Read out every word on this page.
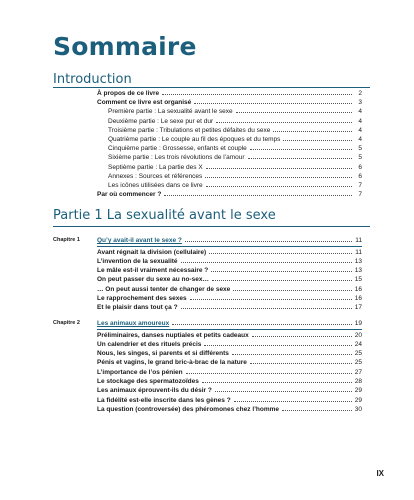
Sommaire
Introduction
À propos de ce livre	2
Comment ce livre est organisé	3
Première partie : La sexualité avant le sexe	4
Deuxième partie : Le sexe pur et dur	4
Troisième partie : Tribulations et petites défaites du sexe	4
Quatrième partie : Le couple au fil des époques et du temps	4
Cinquième partie : Grossesse, enfants et couple	5
Sixième partie : Les trois révolutions de l’amour	5
Septième partie : La partie des X	6
Annexes : Sources et références	6
Les icônes utilisées dans ce livre	7
Par où commencer ?	7
Partie 1 La sexualité avant le sexe
Chapitre 1	Qu’y avait-il avant le sexe ?	11
Avant régnait la division (cellulaire)	11
L’invention de la sexualité	13
Le mâle est-il vraiment nécessaire ?	13
On peut passer du sexe au no-sex…	15
… On peut aussi tenter de changer de sexe	16
Le rapprochement des sexes	16
Et le plaisir dans tout ça ?	17
Chapitre 2	Les animaux amoureux	19
Préliminaires, danses nuptiales et petits cadeaux	20
Un calendrier et des rituels précis	24
Nous, les singes, si parents et si différents	25
Pénis et vagins, le grand bric-à-brac de la nature	25
L’importance de l’os pénien	27
Le stockage des spermatozoïdes	28
Les animaux éprouvent-ils du désir ?	29
La fidélité est-elle inscrite dans les gènes ?	29
La question (controversée) des phéromones chez l’homme	30
IX
